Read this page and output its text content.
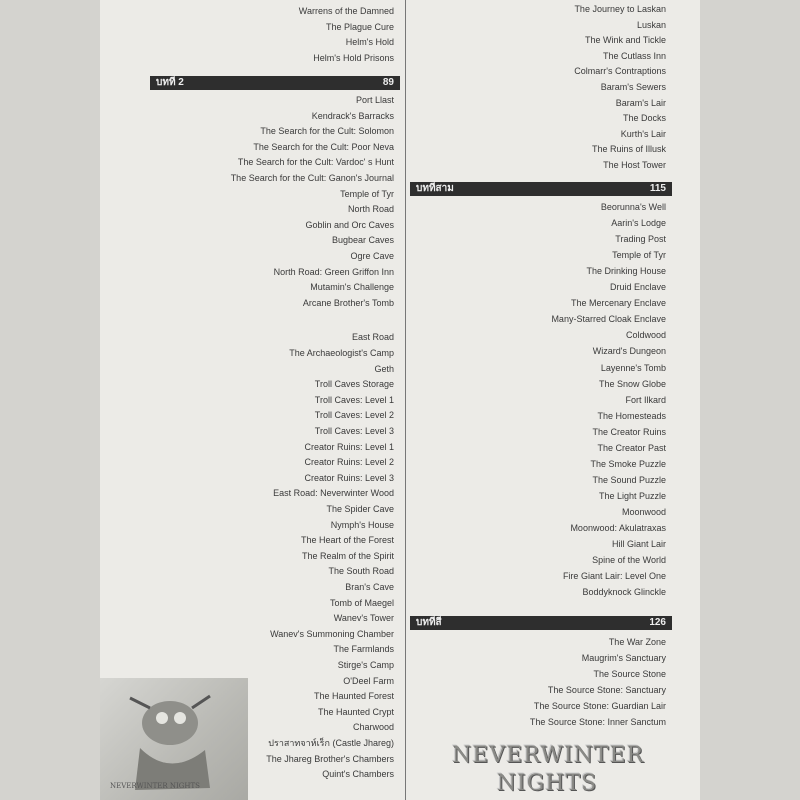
Warrens of the Damned
The Plague Cure
Helm's Hold
Helm's Hold Prisons
บทที่ 2	89
Port Llast
Kendrack's Barracks
The Search for the Cult: Solomon
The Search for the Cult: Poor Neva
The Search for the Cult: Vardoc' s Hunt
The Search for the Cult: Ganon's Journal
Temple of Tyr
North Road
Goblin and Orc Caves
Bugbear Caves
Ogre Cave
North Road: Green Griffon Inn
Mutamin's Challenge
Arcane Brother's Tomb
East Road
The Archaeologist's Camp
Geth
Troll Caves Storage
Troll Caves: Level 1
Troll Caves: Level 2
Troll Caves: Level 3
Creator Ruins: Level 1
Creator Ruins: Level 2
Creator Ruins: Level 3
East Road: Neverwinter Wood
The Spider Cave
Nymph's House
The Heart of the Forest
The Realm of the Spirit
The South Road
Bran's Cave
Tomb of Maegel
Wanev's Tower
Wanev's Summoning Chamber
The Farmlands
Stirge's Camp
O'Deel Farm
The Haunted Forest
The Haunted Crypt
Charwood
ปราสาทจาห์เร็ก (Castle Jhareg)
The Jhareg Brother's Chambers
Quint's Chambers
The Journey to Laskan
Luskan
The Wink and Tickle
The Cutlass Inn
Colmarr's Contraptions
Baram's Sewers
Baram's Lair
The Docks
Kurth's Lair
The Ruins of Illusk
The Host Tower
บทที่สาม	115
Beorunna's Well
Aarin's Lodge
Trading Post
Temple of Tyr
The Drinking House
Druid Enclave
The Mercenary Enclave
Many-Starred Cloak Enclave
Coldwood
Wizard's Dungeon
Layenne's Tomb
The Snow Globe
Fort Ilkard
The Homesteads
The Creator Ruins
The Creator Past
The Smoke Puzzle
The Sound Puzzle
The Light Puzzle
Moonwood
Moonwood: Akulatraxas
Hill Giant Lair
Spine of the World
Fire Giant Lair: Level One
Boddyknock Glinckle
บทที่สี่	126
The War Zone
Maugrim's Sanctuary
The Source Stone
The Source Stone: Sanctuary
The Source Stone: Guardian Lair
The Source Stone: Inner Sanctum
NEVERWINTER NIGHTS
NEVERWINTER NIGHTS
